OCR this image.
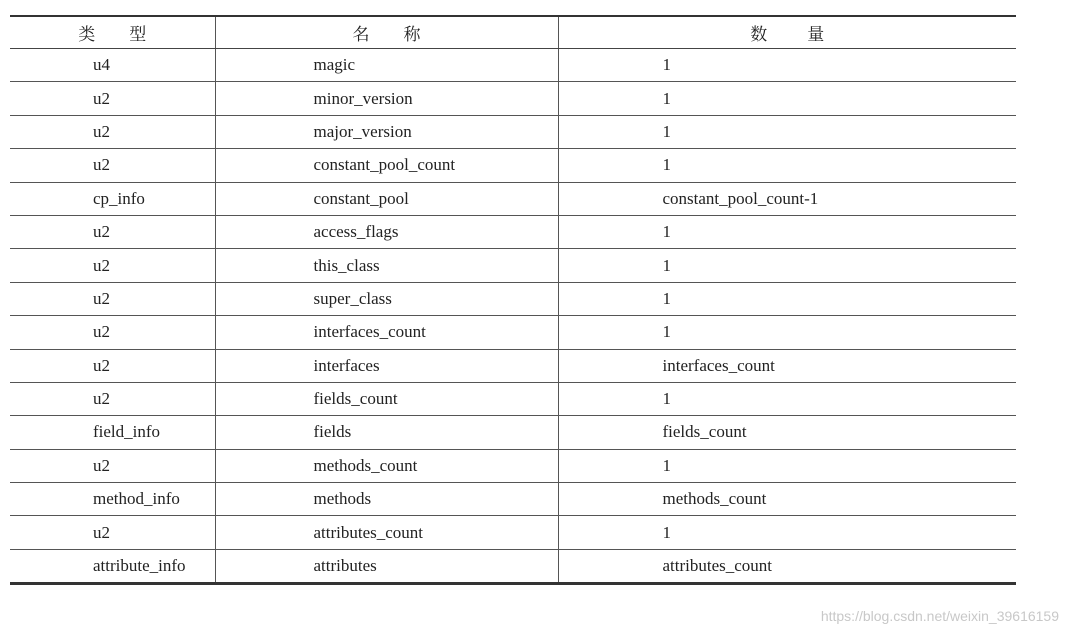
类 型	名 称	数 量
u4	magic	1
u2	minor_version	1
u2	major_version	1
u2	constant_pool_count	1
cp_info	constant_pool	constant_pool_count-1
u2	access_flags	1
u2	this_class	1
u2	super_class	1
u2	interfaces_count	1
u2	interfaces	interfaces_count
u2	fields_count	1
field_info	fields	fields_count
u2	methods_count	1
method_info	methods	methods_count
u2	attributes_count	1
attribute_info	attributes	attributes_count
https://blog.csdn.net/weixin_39616159
